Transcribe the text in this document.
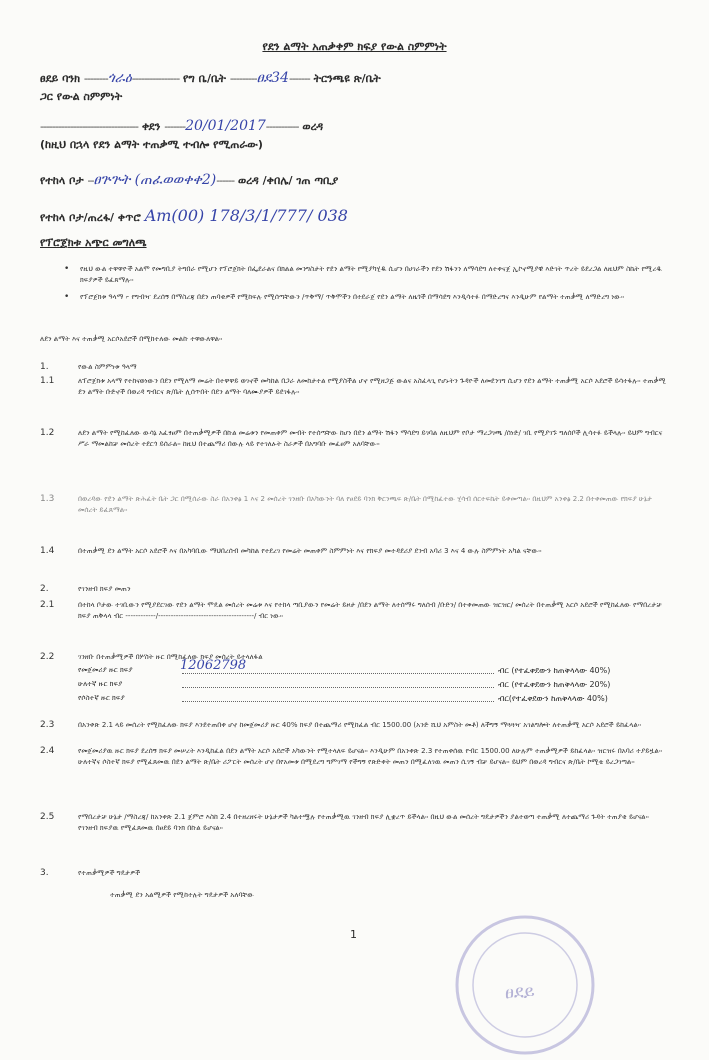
የደን ልማት አጠቃቀም ክፍያ የውል ስምምነት
ፀደይ ባንክ --------ጎራዕ---------------- የግ ቤ/ቤት ---------ፀደ34------- ትርንጫዩ ጽ/ቤት
ጋር የውል ስምምነት
--------------------------------- ቀደን -------20/01/2017----------- ወረዳ
(ከዚህ በኋላ የደን ልማት ተጠቃሚ ተብሎ የሚጠራው)
የተከላ ቦታ --ፀጕጕት (ጠፈወወቀቀ2)------ ወረዳ /ቀበሌ/ ገጠ ጣቢያ
የተከላ ቦታ/ጠረፋ/ ቀጥሮ Am(00) 178/3/1/777/ 038
የፕሮጀክቱ አጭር መግለጫ
• የዚህ ውል ተዋዋዮች አልሞ የመግቢያ ትግበራ የሚሆን የፕሮጀክት በፌደራልና በክልል መንግስታት የደን ልማት የሚያካሂዱ ሲሆን በሀገራችን የደን ሽፋንን ለማሳደግ ለተቀናጀ ኢኮኖሚያዊ እድገት ጥረት ይደረጋል ለዚህም ስኬት የሚረዱ ክፍያዎች ይፈጸማሉ፡፡
• የፕሮጀክቱ ዓላማ ፦ የግብዣ ደረሰኝ በማስረጃ በደን ጠባቂዎች የሚከፍሉ የሚሰጣቸውን /ጥቅማ/ ጥቅሞችን በተደራጀ የደን ልማት ለዜጎች በማሳደግ እንዲሳተፉ በማድረግና እንዲሁም የልማት ተጠቃሚ ለማድረግ ነው፡፡
ለደን ልማት እና ተጠቃሚ አርሶአደሮች በሚከተለው መልኩ ተዋውለዋል፡፡
1.	የውል ስምምነቱ ዓላማ
1.1	ለፕሮጀክቱ አላማ የተከናወነውን በደን የሚለማ መሬት በተዋዋይ ወገኖች መካከል በጋራ ለመከታተል የሚያስችል ሆኖ የሚዘጋጅ ውልና አስፈላጊ የሆኑትን ጉዳዮች ለመደንገግ ሲሆን የደን ልማት ተጠቃሚ አርሶ አደሮች ይሳተፋሉ፡፡ ተጠቃሚ ደን ልማት ቡድኖች በወረዳ ግብርና ጽ/ቤት ሊሰጥበት በደን ልማት ባለሙያዎች ይደገፋሉ፡፡
1.2	ለደን ልማት የሚከፈለው ውሳኔ አፈፃፀም በተጠቃሚዎች በኩል መሬቱን የመጠቀም መብት የተሰጣቸው ከሆነ በደን ልማት ሽፋን ማሳደግ ይገባል ለዚህም የቦታ ማረጋገጫ /ሰነድ/ ገቢ የሚያገኙ ግለሰቦች ሊሳተፉ ይችላሉ፡፡ ይህም ግብርና ሥራ ማመልከቻ መሰረት ተደርጎ ይሰራል፡፡ ከዚህ በተጨማሪ በውሉ ላይ የተገለፁት ስራዎች በአግባቡ መፈፀም አለባቸው፡፡
1.3	በወረዳው የደን ልማት ጽሕፈት ቤት ጋር በሚሰራው ስራ በአንቀፅ 1 እና 2 መሰረት ገንዘቡ በአካውንት ባለ የፀደይ ባንክ ቅርንጫፍ ጽ/ቤት በሚከፈተው ሂሳብ ሰርተፍኬት ይቀመጣል፡፡ በዚህም አንቀፅ 2.2 በተቀመጠው የክፍያ ሁኔታ መሰረት ይፈጸማል፡፡
1.4	በተጠቃሚ ደን ልማት አርሶ አደሮች እና በአካባቢው ማህበረሰብ መካከል የተደረገ የመሬት መጠቀም ስምምነት እና የክፍያ መተዳደሪያ ደንብ አባሪ 3 እና 4 ውሉ ስምምነት አካል ናቸው፡፡
2.	የገንዘብ ክፍያ መጠን
2.1	በተከላ ቦታው ተገቢውን የሚያደርገው የደን ልማት ሞዴል መሰረት መሬቱ እና የተከላ ጣቢያውን የመሬት ይዞታ /በደን ልማት ለተሰማሩ ግለሰብ /ቡድን/ በተቀመጠው ዝርዝር/ መሰረት በተጠቃሚ አርሶ አደሮች የሚከፈለው የማበረታቻ ክፍያ ጠቅላላ ብር ------------/--------------------------------------/ ብር ነው፡፡
2.2	ገንዘቡ በተጠቃሚዎች በሦስት ዙር በሚከፈለው ክፍያ መሰረት ይተላለፋል
12062798
የመጀመሪያ ዙር ክፍያ	ብር (የተፈቀደውን ከጠቅላላው 40%)
ሁለተኛ ዙር ክፍያ	ብር (የተፈቀደውን ከጠቅላላው 20%)
የሶስተኛ ዙር ክፍያ	ብር(የተፈቀደውን ከጠቅላላው 40%)
2.3	በአንቀጽ 2.1 ላይ መሰረት የሚከፈለው ክፍያ እንደተጠበቀ ሆኖ ከመጀመሪያ ዙር 40% ክፍያ በተጨማሪ የሚከፈል ብር 1500.00 (አንድ ሺህ አምስት መቶ) ለችግኝ ማጓጓዣ አገልግሎት ለተጠቃሚ አርሶ አደሮች ይከፈላል፡፡
2.4	የመጀመሪያዉ ዙር ክፍያ ደረሰኝ ክፍያ መሠረት እንዲከፈል በደን ልማት አርሶ አደሮች አካውንት የሚተላለፍ ይሆናል፡፡ እንዲሁም በአንቀጽ 2.3 የተጠቀሰዉ የብር 1500.00 ለሁሉም ተጠቃሚዎች ይከፈላል፡፡ ዝርዝሩ በአባሪ ተያይዟል፡፡ ሁለተኛና ሶስተኛ ክፍያ የሚፈጸመዉ በደን ልማት ጽ/ቤት ሪፖርት መሰረት ሆኖ በየአመቱ በሚደረግ ግምገማ የችግኝ የጽድቀት መጠን በሚፈለገዉ መጠን ሲገኝ ብቻ ይሆናል፡፡ ይህም በወረዳ ግብርና ጽ/ቤት ኮሚቴ ይረጋገጣል፡፡
2.5	የማበረታቻ ሁኔታ /ማስረጃ/ ከአንቀጽ 2.1 ጀምሮ እስከ 2.4 በተዘረዘሩት ሁኔታዎች ካልተሟሉ የተጠቃሚዉ ገንዘብ ክፍያ ሊቋረጥ ይችላል፡፡ በዚህ ውል መሰረት ግዴታዎችን ያልተወጣ ተጠቃሚ ለተጨማሪ ጉዳት ተጠያቂ ይሆናል፡፡ የገንዘብ ክፍያዉ የሚፈጸመዉ በፀደይ ባንክ በኩል ይሆናል፡፡
3.	የተጠቃሚዎች ግዴታዎች
ተጠቃሚ ደን አልሚዎች የሚከተሉት ግዴታዎች አለባቸው
1
ፀደይ
